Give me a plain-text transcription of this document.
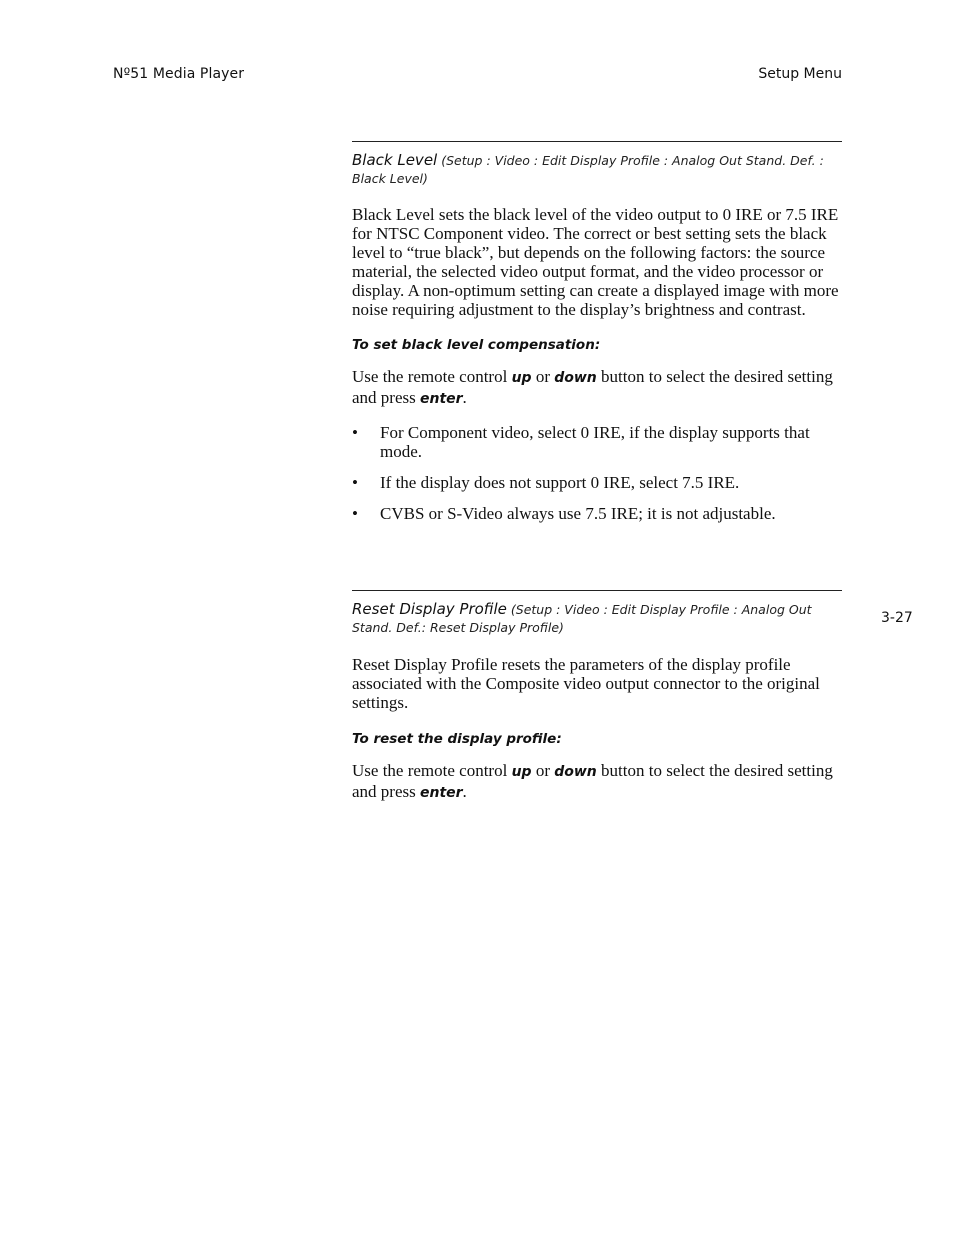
Nº51 Media Player	Setup Menu
3-27
Black Level (Setup : Video : Edit Display Profile : Analog Out Stand. Def. : Black Level)

Black Level sets the black level of the video output to 0 IRE or 7.5 IRE for NTSC Component video. The correct or best setting sets the black level to “true black”, but depends on the following factors: the source material, the selected video output format, and the video processor or display. A non-optimum setting can create a displayed image with more noise requiring adjustment to the display’s brightness and contrast.

To set black level compensation:

Use the remote control up or down button to select the desired setting and press enter.

• For Component video, select 0 IRE, if the display supports that mode.
• If the display does not support 0 IRE, select 7.5 IRE.
• CVBS or S-Video always use 7.5 IRE; it is not adjustable.
Reset Display Profile (Setup : Video : Edit Display Profile : Analog Out Stand. Def.: Reset Display Profile)

Reset Display Profile resets the parameters of the display profile associated with the Composite video output connector to the original settings.

To reset the display profile:

Use the remote control up or down button to select the desired setting and press enter.
